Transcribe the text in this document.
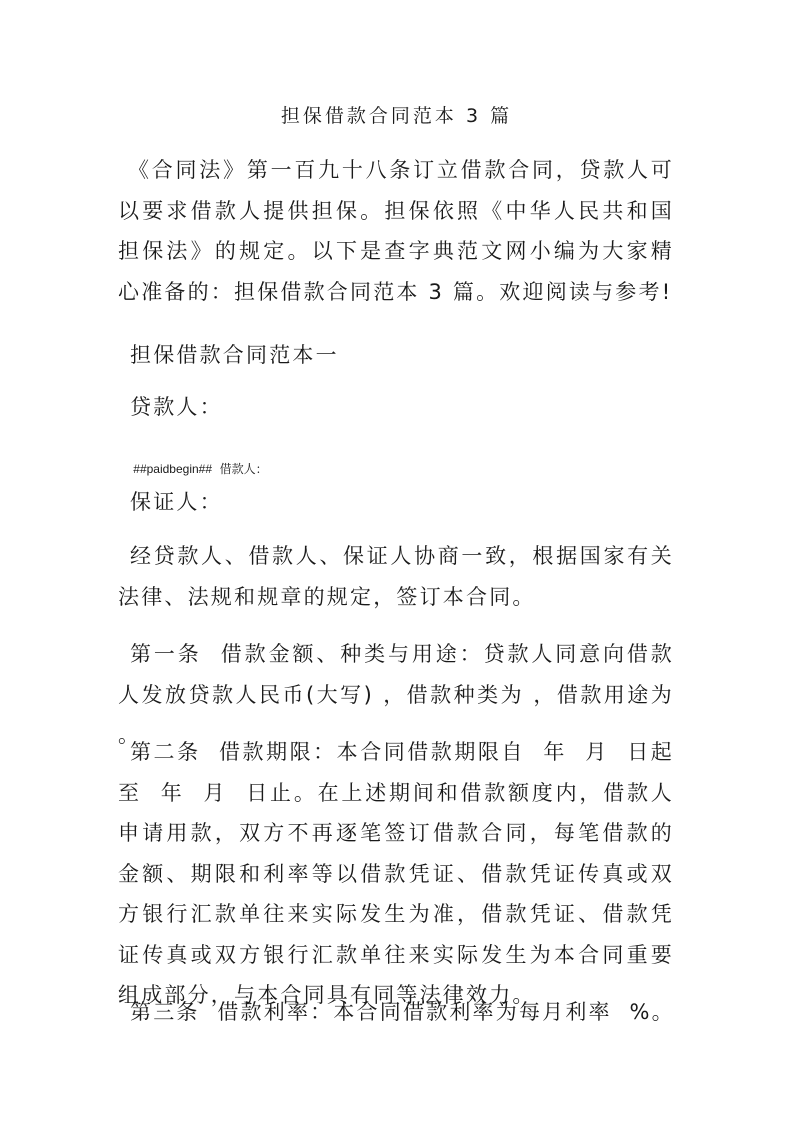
担保借款合同范本 3 篇

《合同法》第一百九十八条订立借款合同，贷款人可以要求借款人提供担保。担保依照《中华人民共和国担保法》的规定。以下是查字典范文网小编为大家精心准备的：担保借款合同范本 3 篇。欢迎阅读与参考!

担保借款合同范本一

贷款人：

##paidbegin## 借款人：

保证人：

经贷款人、借款人、保证人协商一致，根据国家有关法律、法规和规章的规定，签订本合同。

第一条  借款金额、种类与用途：贷款人同意向借款人发放贷款人民币(大写) ，借款种类为 ，借款用途为 。

第二条  借款期限：本合同借款期限自  年  月  日起至  年  月  日止。在上述期间和借款额度内，借款人申请用款，双方不再逐笔签订借款合同，每笔借款的金额、期限和利率等以借款凭证、借款凭证传真或双方银行汇款单往来实际发生为准，借款凭证、借款凭证传真或双方银行汇款单往来实际发生为本合同重要组成部分，与本合同具有同等法律效力。

第三条  借款利率：本合同借款利率为每月利率  %。
